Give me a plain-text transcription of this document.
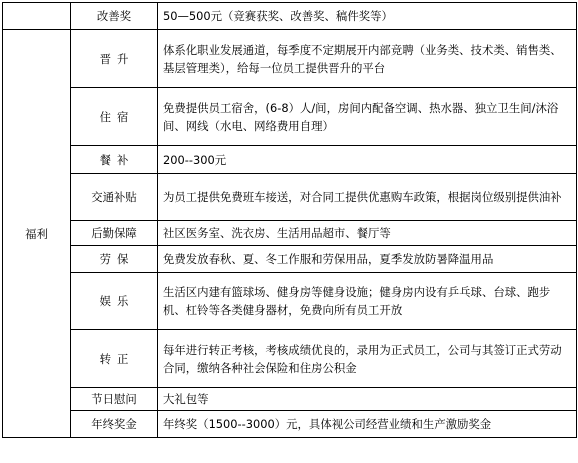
	改善奖	50—500元（竞赛获奖、改善奖、稿件奖等）
福利	晋升	体系化职业发展通道，每季度不定期展开内部竞聘（业务类、技术类、销售类、基层管理类），给每一位员工提供晋升的平台
	住宿	免费提供员工宿舍，(6-8）人/间，房间内配备空调、热水器、独立卫生间/沐浴间、网线（水电、网络费用自理）
	餐补	200--300元
	交通补贴	为员工提供免费班车接送，对合同工提供优惠购车政策，根据岗位级别提供油补
	后勤保障	社区医务室、洗衣房、生活用品超市、餐厅等
	劳保	免费发放春秋、夏、冬工作服和劳保用品，夏季发放防暑降温用品
	娱乐	生活区内建有篮球场、健身房等健身设施；健身房内设有乒乓球、台球、跑步机、杠铃等各类健身器材，免费向所有员工开放
	转正	每年进行转正考核，考核成绩优良的，录用为正式员工，公司与其签订正式劳动合同，缴纳各种社会保险和住房公积金
	节日慰问	大礼包等
	年终奖金	年终奖（1500--3000）元，具体视公司经营业绩和生产激励奖金
